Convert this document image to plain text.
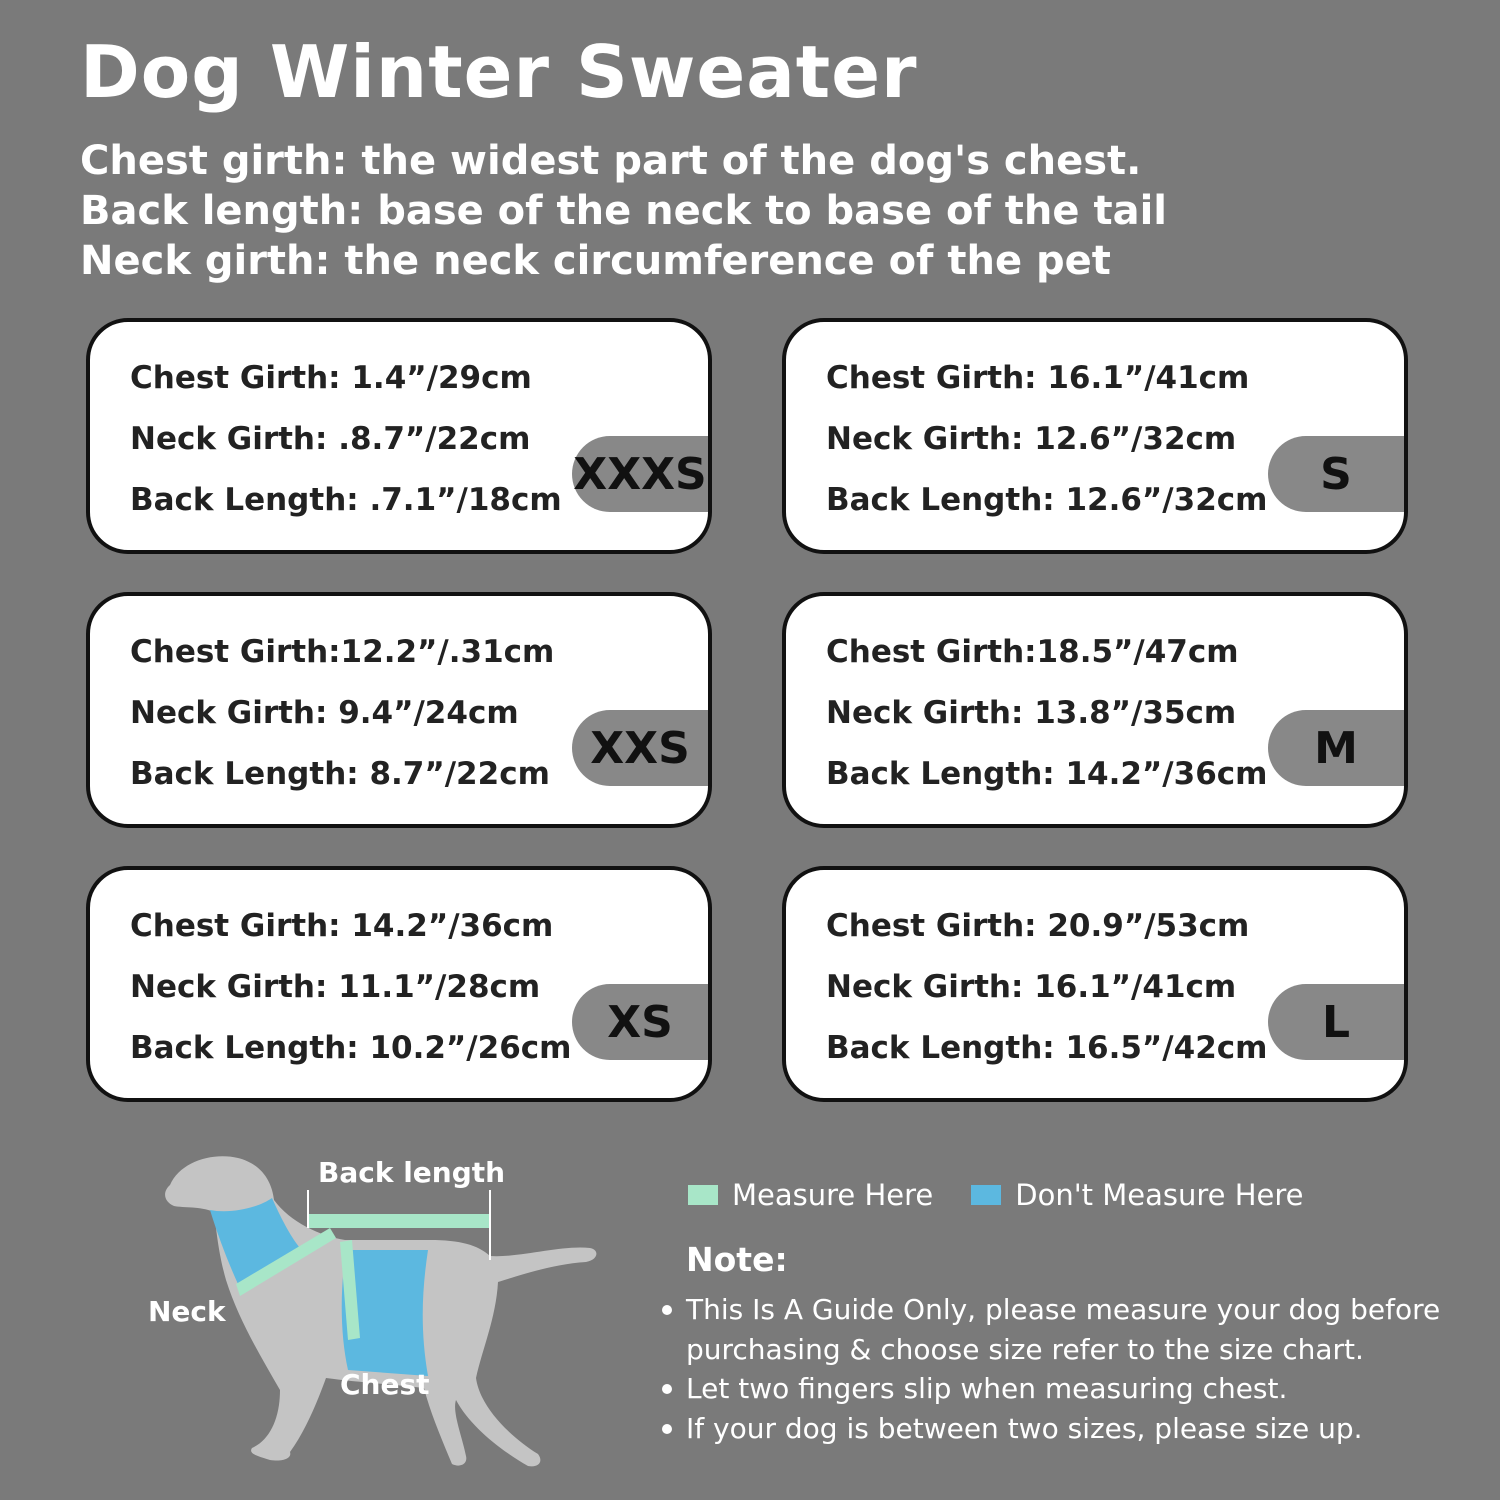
Dog Winter Sweater
Chest girth: the widest part of the dog's chest.
Back length: base of the neck to base of the tail
Neck girth: the neck circumference of the pet
Chest Girth: 1.4”/29cm
Neck Girth: .8.7”/22cm
Back Length: .7.1”/18cm
XXXS
Chest Girth: 16.1”/41cm
Neck Girth: 12.6”/32cm
Back Length: 12.6”/32cm
S
Chest Girth:12.2”/.31cm
Neck Girth: 9.4”/24cm
Back Length: 8.7”/22cm
XXS
Chest Girth:18.5”/47cm
Neck Girth: 13.8”/35cm
Back Length: 14.2”/36cm
M
Chest Girth: 14.2”/36cm
Neck Girth: 11.1”/28cm
Back Length: 10.2”/26cm
XS
Chest Girth: 20.9”/53cm
Neck Girth: 16.1”/41cm
Back Length: 16.5”/42cm
L
Back length
Neck
Chest
Measure Here	Don't Measure Here
Note:
This Is A Guide Only, please measure your dog before purchasing & choose size refer to the size chart.
Let two fingers slip when measuring chest.
If your dog is between two sizes, please size up.
